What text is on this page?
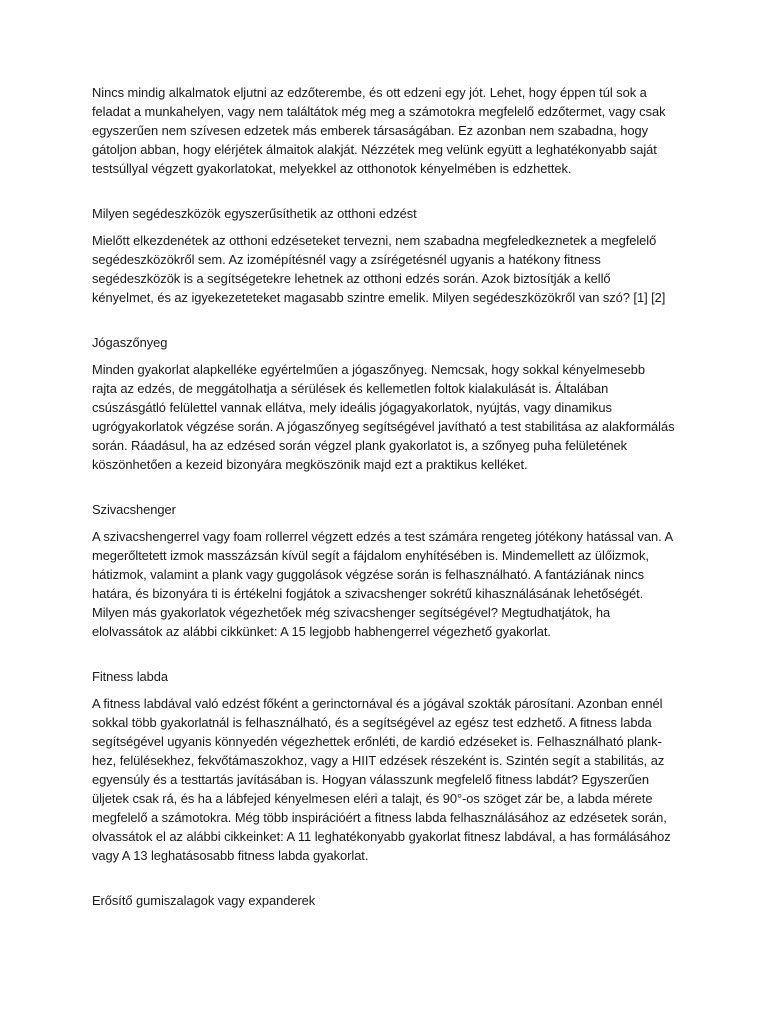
Nincs mindig alkalmatok eljutni az edzőterembe, és ott edzeni egy jót. Lehet, hogy éppen túl sok a
feladat a munkahelyen, vagy nem találtátok még meg a számotokra megfelelő edzőtermet, vagy csak
egyszerűen nem szívesen edzetek más emberek társaságában. Ez azonban nem szabadna, hogy
gátoljon abban, hogy elérjétek álmaitok alakját. Nézzétek meg velünk együtt a leghatékonyabb saját
testsúllyal végzett gyakorlatokat, melyekkel az otthonotok kényelmében is edzhettek.

Milyen segédeszközök egyszerűsíthetik az otthoni edzést

Mielőtt elkezdenétek az otthoni edzéseteket tervezni, nem szabadna megfeledkeznetek a megfelelő
segédeszközökről sem. Az izomépítésnél vagy a zsírégetésnél ugyanis a hatékony fitness
segédeszközök is a segítségetekre lehetnek az otthoni edzés során. Azok biztosítják a kellő
kényelmet, és az igyekezeteteket magasabb szintre emelik. Milyen segédeszközökről van szó? [1] [2]

Jógaszőnyeg

Minden gyakorlat alapkelléke egyértelműen a jógaszőnyeg. Nemcsak, hogy sokkal kényelmesebb
rajta az edzés, de meggátolhatja a sérülések és kellemetlen foltok kialakulását is. Általában
csúszásgátló felülettel vannak ellátva, mely ideális jógagyakorlatok, nyújtás, vagy dinamikus
ugrógyakorlatok végzése során. A jógaszőnyeg segítségével javítható a test stabilitása az alakformálás
során. Ráadásul, ha az edzésed során végzel plank gyakorlatot is, a szőnyeg puha felületének
köszönhetően a kezeid bizonyára megköszönik majd ezt a praktikus kelléket.

Szivacshenger

A szivacshengerrel vagy foam rollerrel végzett edzés a test számára rengeteg jótékony hatással van. A
megerőltetett izmok masszázsán kívül segít a fájdalom enyhítésében is. Mindemellett az ülőizmok,
hátizmok, valamint a plank vagy guggolások végzése során is felhasználható. A fantáziának nincs
határa, és bizonyára ti is értékelni fogjátok a szivacshenger sokrétű kihasználásának lehetőségét.
Milyen más gyakorlatok végezhetőek még szivacshenger segítségével? Megtudhatjátok, ha
elolvassátok az alábbi cikkünket: A 15 legjobb habhengerrel végezhető gyakorlat.

Fitness labda

A fitness labdával való edzést főként a gerinctornával és a jógával szokták párosítani. Azonban ennél
sokkal több gyakorlatnál is felhasználható, és a segítségével az egész test edzhető. A fitness labda
segítségével ugyanis könnyedén végezhettek erőnléti, de kardió edzéseket is. Felhasználható plank-
hez, felülésekhez, fekvőtámaszokhoz, vagy a HIIT edzések részeként is. Szintén segít a stabilitás, az
egyensúly és a testtartás javításában is. Hogyan válasszunk megfelelő fitness labdát? Egyszerűen
üljetek csak rá, és ha a lábfejed kényelmesen eléri a talajt, és 90°-os szöget zár be, a labda mérete
megfelelő a számotokra. Még több inspirációért a fitness labda felhasználásához az edzésetek során,
olvassátok el az alábbi cikkeinket: A 11 leghatékonyabb gyakorlat fitnesz labdával, a has formálásához
vagy A 13 leghatásosabb fitness labda gyakorlat.

Erősítő gumiszalagok vagy expanderek
